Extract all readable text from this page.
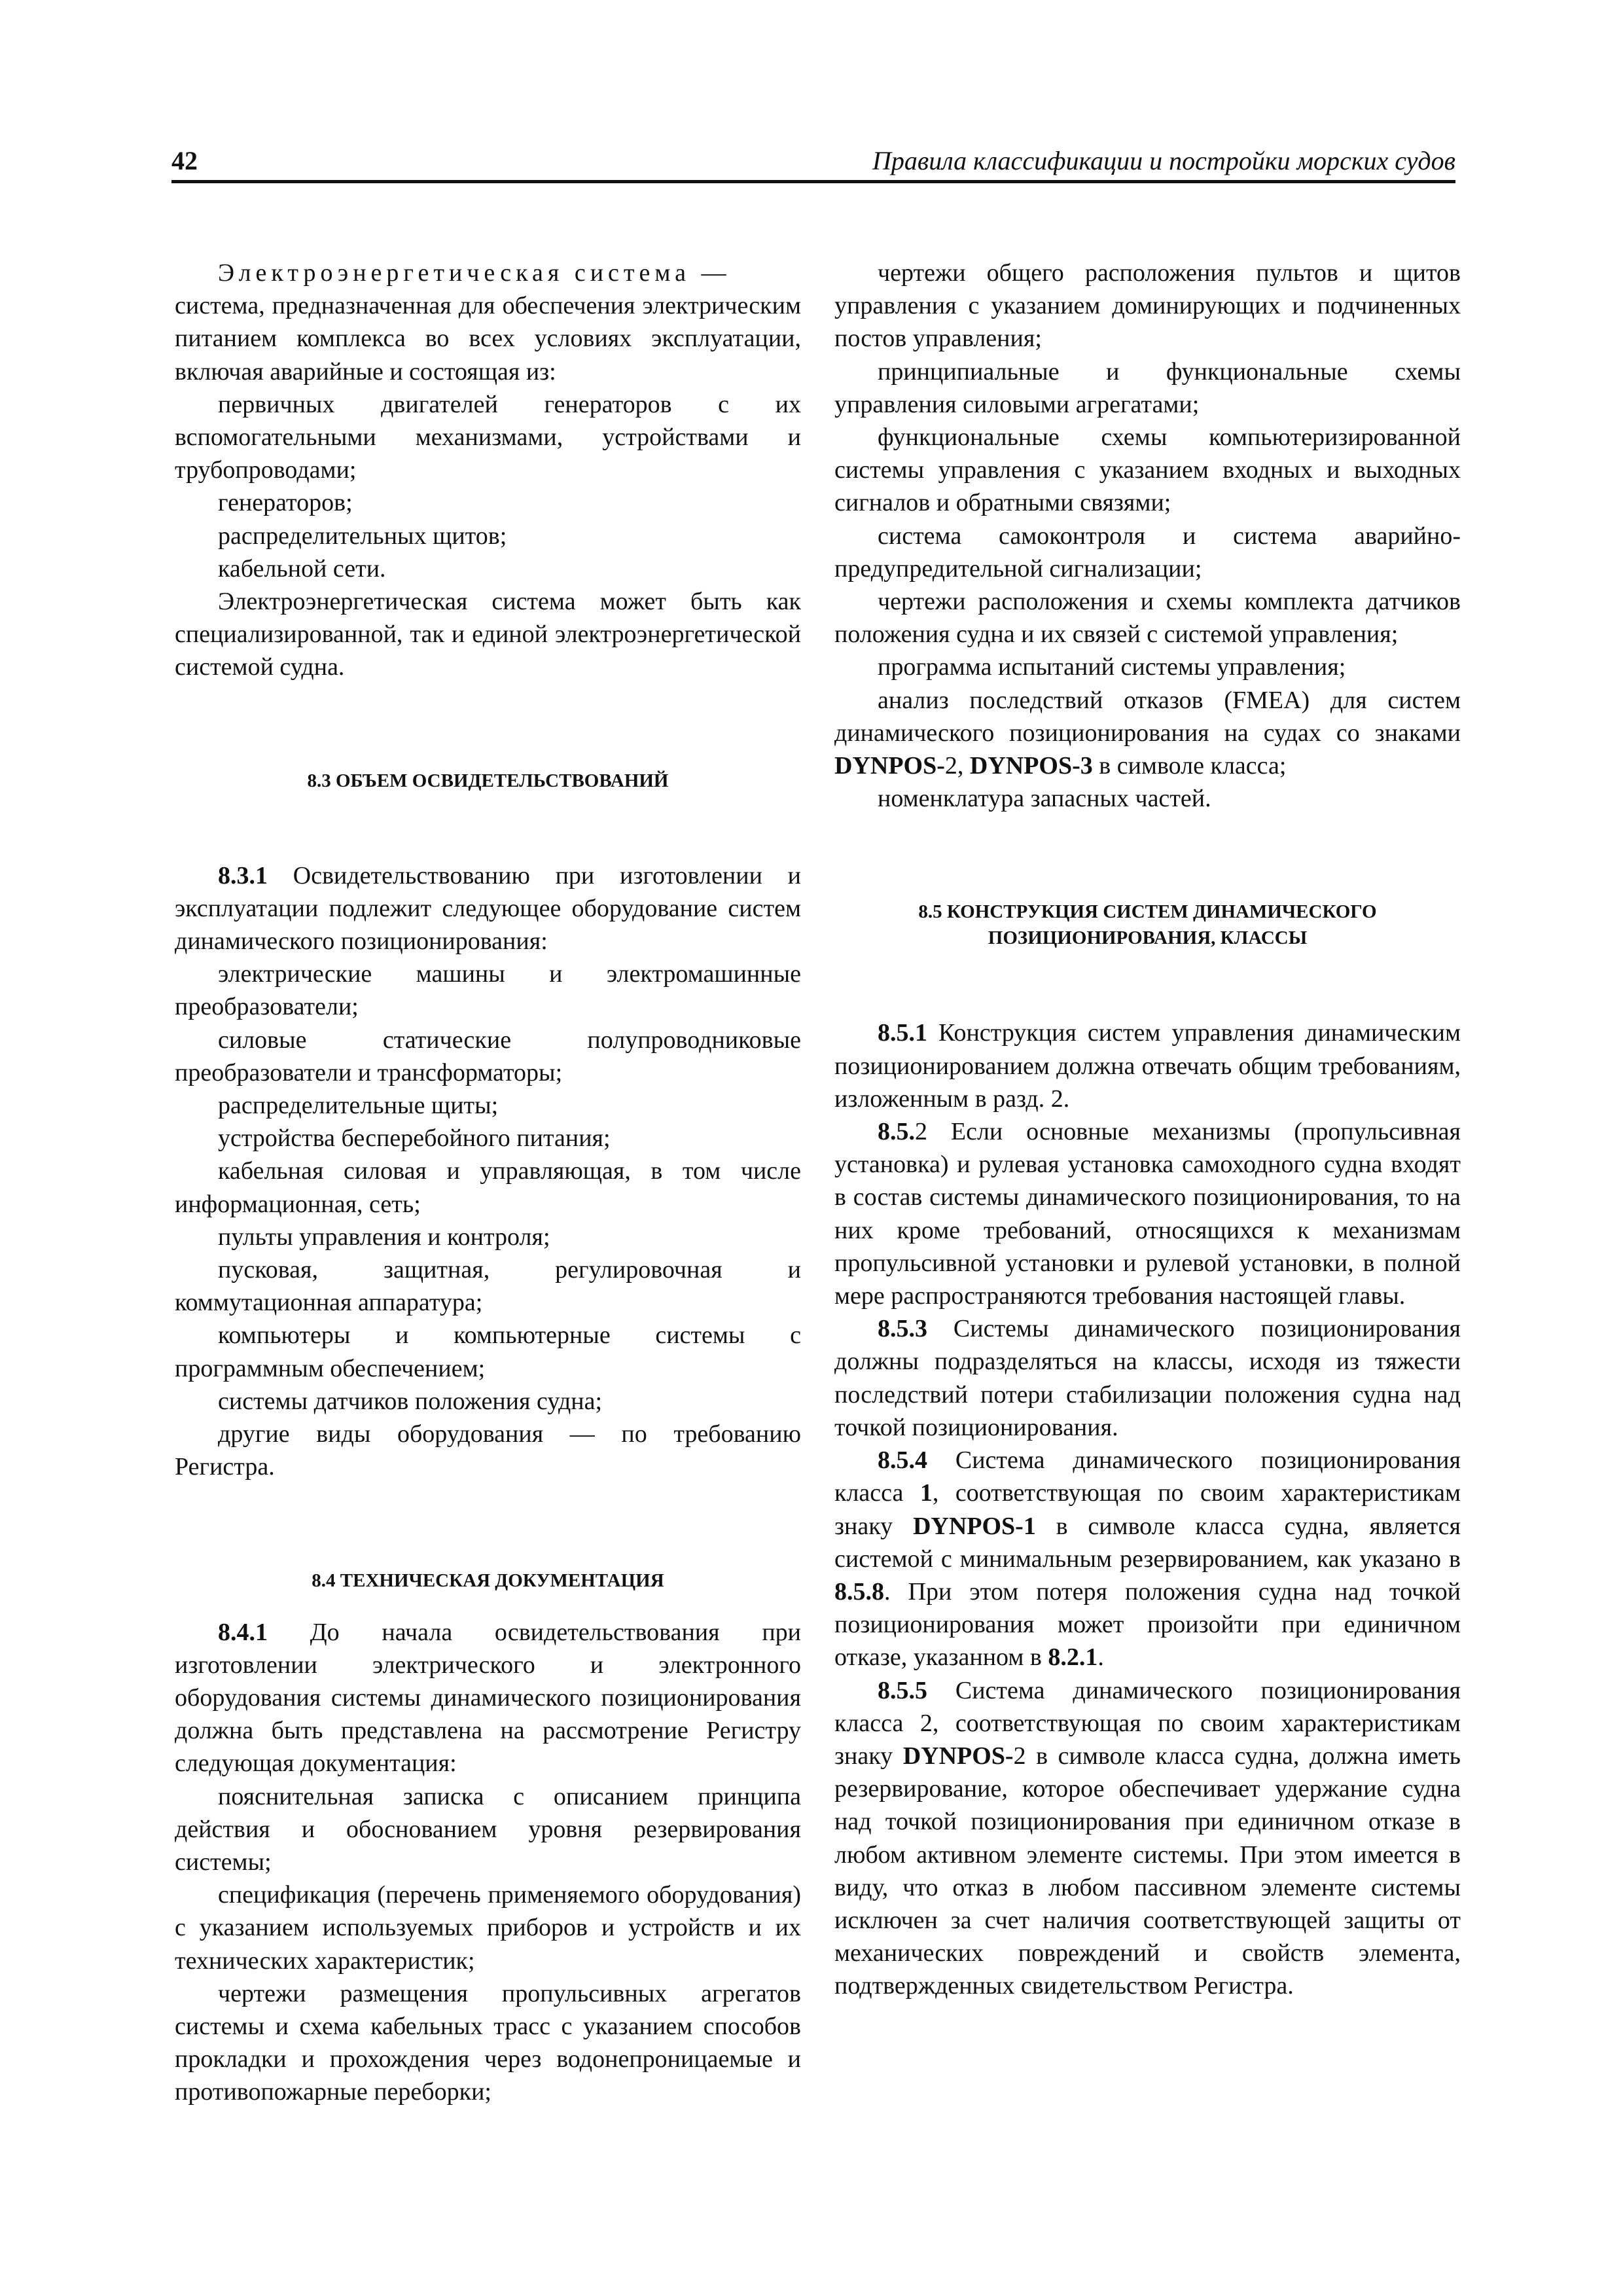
42	Правила классификации и постройки морских судов

Электроэнергетическая система —

система, предназначенная для обеспечения электрическим питанием комплекса во всех условиях эксплуатации, включая аварийные и состоящая из:

первичных двигателей генераторов с их вспомогательными механизмами, устройствами и трубопроводами;

генераторов;

распределительных щитов;

кабельной сети.

Электроэнергетическая система может быть как специализированной, так и единой электроэнергетической системой судна.

8.3 ОБЪЕМ ОСВИДЕТЕЛЬСТВОВАНИЙ

8.3.1 Освидетельствованию при изготовлении и эксплуатации подлежит следующее оборудование систем динамического позиционирования:

электрические машины и электромашинные преобразователи;

силовые статические полупроводниковые преобразователи и трансформаторы;

распределительные щиты;

устройства бесперебойного питания;

кабельная силовая и управляющая, в том числе информационная, сеть;

пульты управления и контроля;

пусковая, защитная, регулировочная и коммутационная аппаратура;

компьютеры и компьютерные системы с программным обеспечением;

системы датчиков положения судна;

другие виды оборудования — по требованию Регистра.

8.4 ТЕХНИЧЕСКАЯ ДОКУМЕНТАЦИЯ

8.4.1 До начала освидетельствования при изготовлении электрического и электронного оборудования системы динамического позиционирования должна быть представлена на рассмотрение Регистру следующая документация:

пояснительная записка с описанием принципа действия и обоснованием уровня резервирования системы;

спецификация (перечень применяемого оборудования) с указанием используемых приборов и устройств и их технических характеристик;

чертежи размещения пропульсивных агрегатов системы и схема кабельных трасс с указанием способов прокладки и прохождения через водонепроницаемые и противопожарные переборки;

чертежи общего расположения пультов и щитов управления с указанием доминирующих и подчиненных постов управления;

принципиальные и функциональные схемы управления силовыми агрегатами;

функциональные схемы компьютеризированной системы управления с указанием входных и выходных сигналов и обратными связями;

система самоконтроля и система аварийно-предупредительной сигнализации;

чертежи расположения и схемы комплекта датчиков положения судна и их связей с системой управления;

программа испытаний системы управления;

анализ последствий отказов (FMEA) для систем динамического позиционирования на судах со знаками DYNPOS-2, DYNPOS-3 в символе класса;

номенклатура запасных частей.

8.5 КОНСТРУКЦИЯ СИСТЕМ ДИНАМИЧЕСКОГО
ПОЗИЦИОНИРОВАНИЯ, КЛАССЫ

8.5.1 Конструкция систем управления динамическим позиционированием должна отвечать общим требованиям, изложенным в разд. 2.

8.5.2 Если основные механизмы (пропульсивная установка) и рулевая установка самоходного судна входят в состав системы динамического позиционирования, то на них кроме требований, относящихся к механизмам пропульсивной установки и рулевой установки, в полной мере распространяются требования настоящей главы.

8.5.3 Системы динамического позиционирования должны подразделяться на классы, исходя из тяжести последствий потери стабилизации положения судна над точкой позиционирования.

8.5.4 Система динамического позиционирования класса 1, соответствующая по своим характеристикам знаку DYNPOS-1 в символе класса судна, является системой с минимальным резервированием, как указано в 8.5.8. При этом потеря положения судна над точкой позиционирования может произойти при единичном отказе, указанном в 8.2.1.

8.5.5 Система динамического позиционирования класса 2, соответствующая по своим характеристикам знаку DYNPOS-2 в символе класса судна, должна иметь резервирование, которое обеспечивает удержание судна над точкой позиционирования при единичном отказе в любом активном элементе системы. При этом имеется в виду, что отказ в любом пассивном элементе системы исключен за счет наличия соответствующей защиты от механических повреждений и свойств элемента, подтвержденных свидетельством Регистра.
